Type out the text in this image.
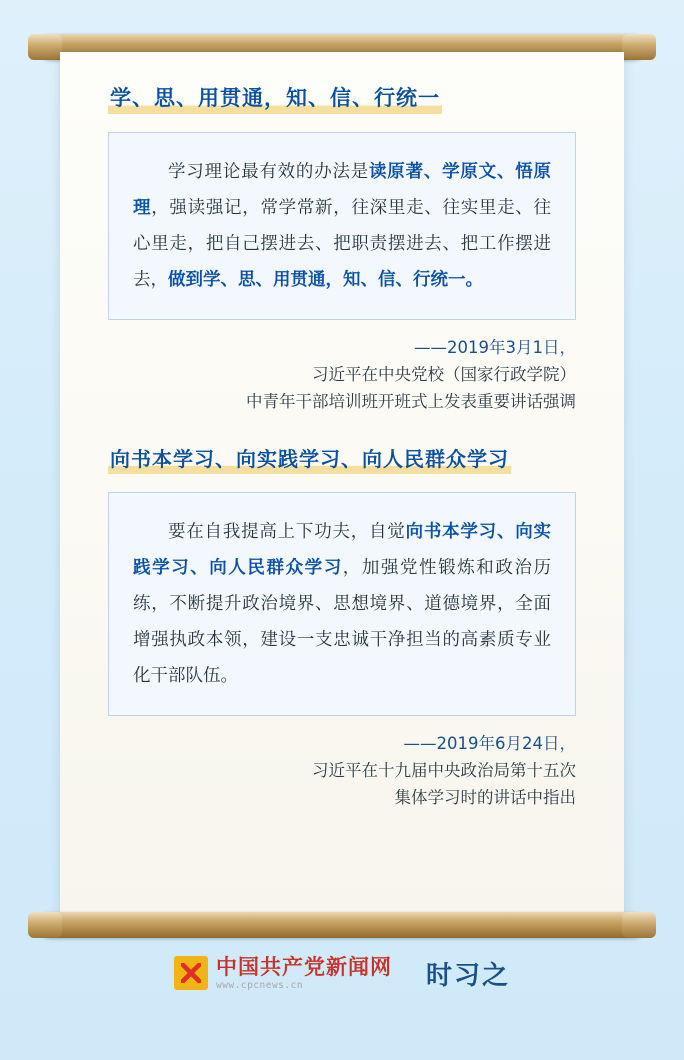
学、思、用贯通，知、信、行统一

学习理论最有效的办法是读原著、学原文、悟原理，强读强记，常学常新，往深里走、往实里走、往心里走，把自己摆进去、把职责摆进去、把工作摆进去，做到学、思、用贯通，知、信、行统一。

——2019年3月1日，
习近平在中央党校（国家行政学院）
中青年干部培训班开班式上发表重要讲话强调
向书本学习、向实践学习、向人民群众学习

要在自我提高上下功夫，自觉向书本学习、向实践学习、向人民群众学习，加强党性锻炼和政治历练，不断提升政治境界、思想境界、道德境界，全面增强执政本领，建设一支忠诚干净担当的高素质专业化干部队伍。

——2019年6月24日，
习近平在十九届中央政治局第十五次
集体学习时的讲话中指出
中国共产党新闻网
www.cpcnews.cn	时习之
